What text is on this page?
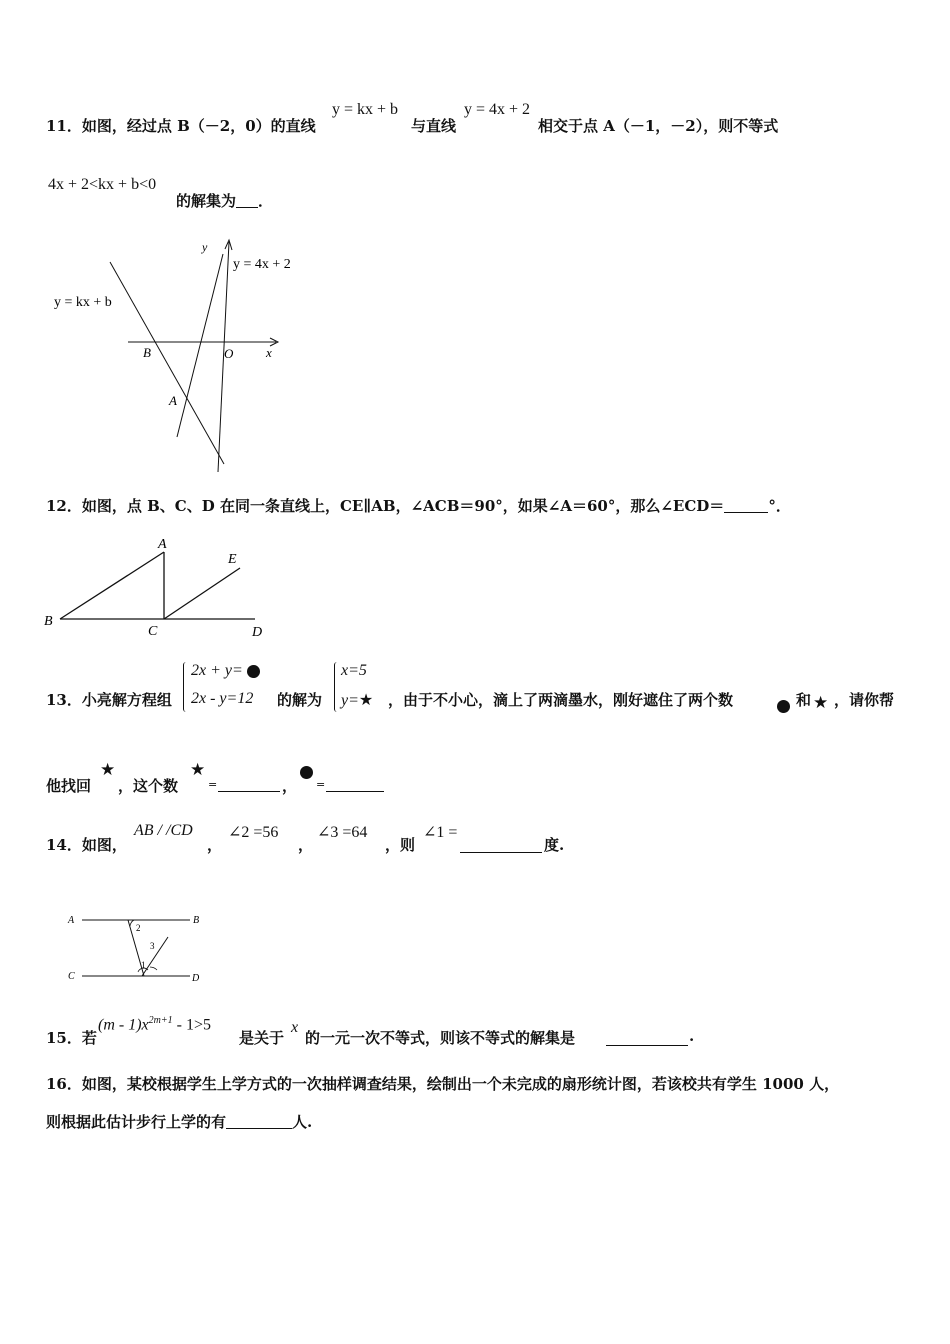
11．如图，经过点 B（－2，0）的直线
y = kx + b
与直线
y = 4x + 2
相交于点 A（－1，－2），则不等式
4x + 2<kx + b<0
的解集为 ．
y
x
y = 4x + 2
y = kx + b
B	O
A
12．如图，点 B、C、D 在同一条直线上，CE∥AB，∠ACB＝90°，如果∠A＝60°，那么∠ECD＝	°．
A
B
C	D
E
13．小亮解方程组
2x + y=
2x - y=12 的解为
x=5
y=★ ，由于不小心，滴上了两滴墨水，刚好遮住了两个数	和 ★ ，请你帮
他找回
★
，这个数
★
=	， =
14．如图，
AB / /CD
，
∠2 =56
，
∠3 =64
，则
∠1 =
度.
A	B
C	D
2
3
1
15．若
$(m - 1)x^{2m+1} - 1>5$
是关于
x
的一元一次不等式，则该不等式的解集是	.
16．如图，某校根据学生上学方式的一次抽样调查结果，绘制出一个未完成的扇形统计图，若该校共有学生 1000 人，
则根据此估计步行上学的有	人.
